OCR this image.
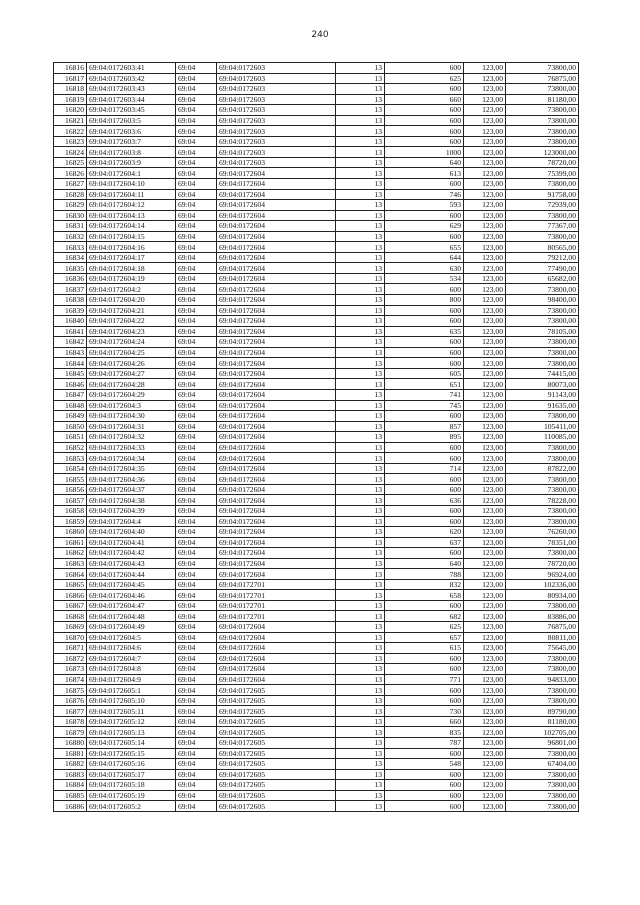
240
16816	69:04:0172603:41	69:04	69:04:0172603	13	600	123,00	73800,00
16817	69:04:0172603:42	69:04	69:04:0172603	13	625	123,00	76875,00
16818	69:04:0172603:43	69:04	69:04:0172603	13	600	123,00	73800,00
16819	69:04:0172603:44	69:04	69:04:0172603	13	660	123,00	81180,00
16820	69:04:0172603:45	69:04	69:04:0172603	13	600	123,00	73800,00
16821	69:04:0172603:5	69:04	69:04:0172603	13	600	123,00	73800,00
16822	69:04:0172603:6	69:04	69:04:0172603	13	600	123,00	73800,00
16823	69:04:0172603:7	69:04	69:04:0172603	13	600	123,00	73800,00
16824	69:04:0172603:8	69:04	69:04:0172603	13	1000	123,00	123000,00
16825	69:04:0172603:9	69:04	69:04:0172603	13	640	123,00	78720,00
16826	69:04:0172604:1	69:04	69:04:0172604	13	613	123,00	75399,00
16827	69:04:0172604:10	69:04	69:04:0172604	13	600	123,00	73800,00
16828	69:04:0172604:11	69:04	69:04:0172604	13	746	123,00	91758,00
16829	69:04:0172604:12	69:04	69:04:0172604	13	593	123,00	72939,00
16830	69:04:0172604:13	69:04	69:04:0172604	13	600	123,00	73800,00
16831	69:04:0172604:14	69:04	69:04:0172604	13	629	123,00	77367,00
16832	69:04:0172604:15	69:04	69:04:0172604	13	600	123,00	73800,00
16833	69:04:0172604:16	69:04	69:04:0172604	13	655	123,00	80565,00
16834	69:04:0172604:17	69:04	69:04:0172604	13	644	123,00	79212,00
16835	69:04:0172604:18	69:04	69:04:0172604	13	630	123,00	77490,00
16836	69:04:0172604:19	69:04	69:04:0172604	13	534	123,00	65682,00
16837	69:04:0172604:2	69:04	69:04:0172604	13	600	123,00	73800,00
16838	69:04:0172604:20	69:04	69:04:0172604	13	800	123,00	98400,00
16839	69:04:0172604:21	69:04	69:04:0172604	13	600	123,00	73800,00
16840	69:04:0172604:22	69:04	69:04:0172604	13	600	123,00	73800,00
16841	69:04:0172604:23	69:04	69:04:0172604	13	635	123,00	78105,00
16842	69:04:0172604:24	69:04	69:04:0172604	13	600	123,00	73800,00
16843	69:04:0172604:25	69:04	69:04:0172604	13	600	123,00	73800,00
16844	69:04:0172604:26	69:04	69:04:0172604	13	600	123,00	73800,00
16845	69:04:0172604:27	69:04	69:04:0172604	13	605	123,00	74415,00
16846	69:04:0172604:28	69:04	69:04:0172604	13	651	123,00	80073,00
16847	69:04:0172604:29	69:04	69:04:0172604	13	741	123,00	91143,00
16848	69:04:0172604:3	69:04	69:04:0172604	13	745	123,00	91635,00
16849	69:04:0172604:30	69:04	69:04:0172604	13	600	123,00	73800,00
16850	69:04:0172604:31	69:04	69:04:0172604	13	857	123,00	105411,00
16851	69:04:0172604:32	69:04	69:04:0172604	13	895	123,00	110085,00
16852	69:04:0172604:33	69:04	69:04:0172604	13	600	123,00	73800,00
16853	69:04:0172604:34	69:04	69:04:0172604	13	600	123,00	73800,00
16854	69:04:0172604:35	69:04	69:04:0172604	13	714	123,00	87822,00
16855	69:04:0172604:36	69:04	69:04:0172604	13	600	123,00	73800,00
16856	69:04:0172604:37	69:04	69:04:0172604	13	600	123,00	73800,00
16857	69:04:0172604:38	69:04	69:04:0172604	13	636	123,00	78228,00
16858	69:04:0172604:39	69:04	69:04:0172604	13	600	123,00	73800,00
16859	69:04:0172604:4	69:04	69:04:0172604	13	600	123,00	73800,00
16860	69:04:0172604:40	69:04	69:04:0172604	13	620	123,00	76260,00
16861	69:04:0172604:41	69:04	69:04:0172604	13	637	123,00	78351,00
16862	69:04:0172604:42	69:04	69:04:0172604	13	600	123,00	73800,00
16863	69:04:0172604:43	69:04	69:04:0172604	13	640	123,00	78720,00
16864	69:04:0172604:44	69:04	69:04:0172604	13	788	123,00	96924,00
16865	69:04:0172604:45	69:04	69:04:0172701	13	832	123,00	102336,00
16866	69:04:0172604:46	69:04	69:04:0172701	13	658	123,00	80934,00
16867	69:04:0172604:47	69:04	69:04:0172701	13	600	123,00	73800,00
16868	69:04:0172604:48	69:04	69:04:0172701	13	682	123,00	83886,00
16869	69:04:0172604:49	69:04	69:04:0172604	13	625	123,00	76875,00
16870	69:04:0172604:5	69:04	69:04:0172604	13	657	123,00	80811,00
16871	69:04:0172604:6	69:04	69:04:0172604	13	615	123,00	75645,00
16872	69:04:0172604:7	69:04	69:04:0172604	13	600	123,00	73800,00
16873	69:04:0172604:8	69:04	69:04:0172604	13	600	123,00	73800,00
16874	69:04:0172604:9	69:04	69:04:0172604	13	771	123,00	94833,00
16875	69:04:0172605:1	69:04	69:04:0172605	13	600	123,00	73800,00
16876	69:04:0172605:10	69:04	69:04:0172605	13	600	123,00	73800,00
16877	69:04:0172605:11	69:04	69:04:0172605	13	730	123,00	89790,00
16878	69:04:0172605:12	69:04	69:04:0172605	13	660	123,00	81180,00
16879	69:04:0172605:13	69:04	69:04:0172605	13	835	123,00	102705,00
16880	69:04:0172605:14	69:04	69:04:0172605	13	787	123,00	96801,00
16881	69:04:0172605:15	69:04	69:04:0172605	13	600	123,00	73800,00
16882	69:04:0172605:16	69:04	69:04:0172605	13	548	123,00	67404,00
16883	69:04:0172605:17	69:04	69:04:0172605	13	600	123,00	73800,00
16884	69:04:0172605:18	69:04	69:04:0172605	13	600	123,00	73800,00
16885	69:04:0172605:19	69:04	69:04:0172605	13	600	123,00	73800,00
16886	69:04:0172605:2	69:04	69:04:0172605	13	600	123,00	73800,00
